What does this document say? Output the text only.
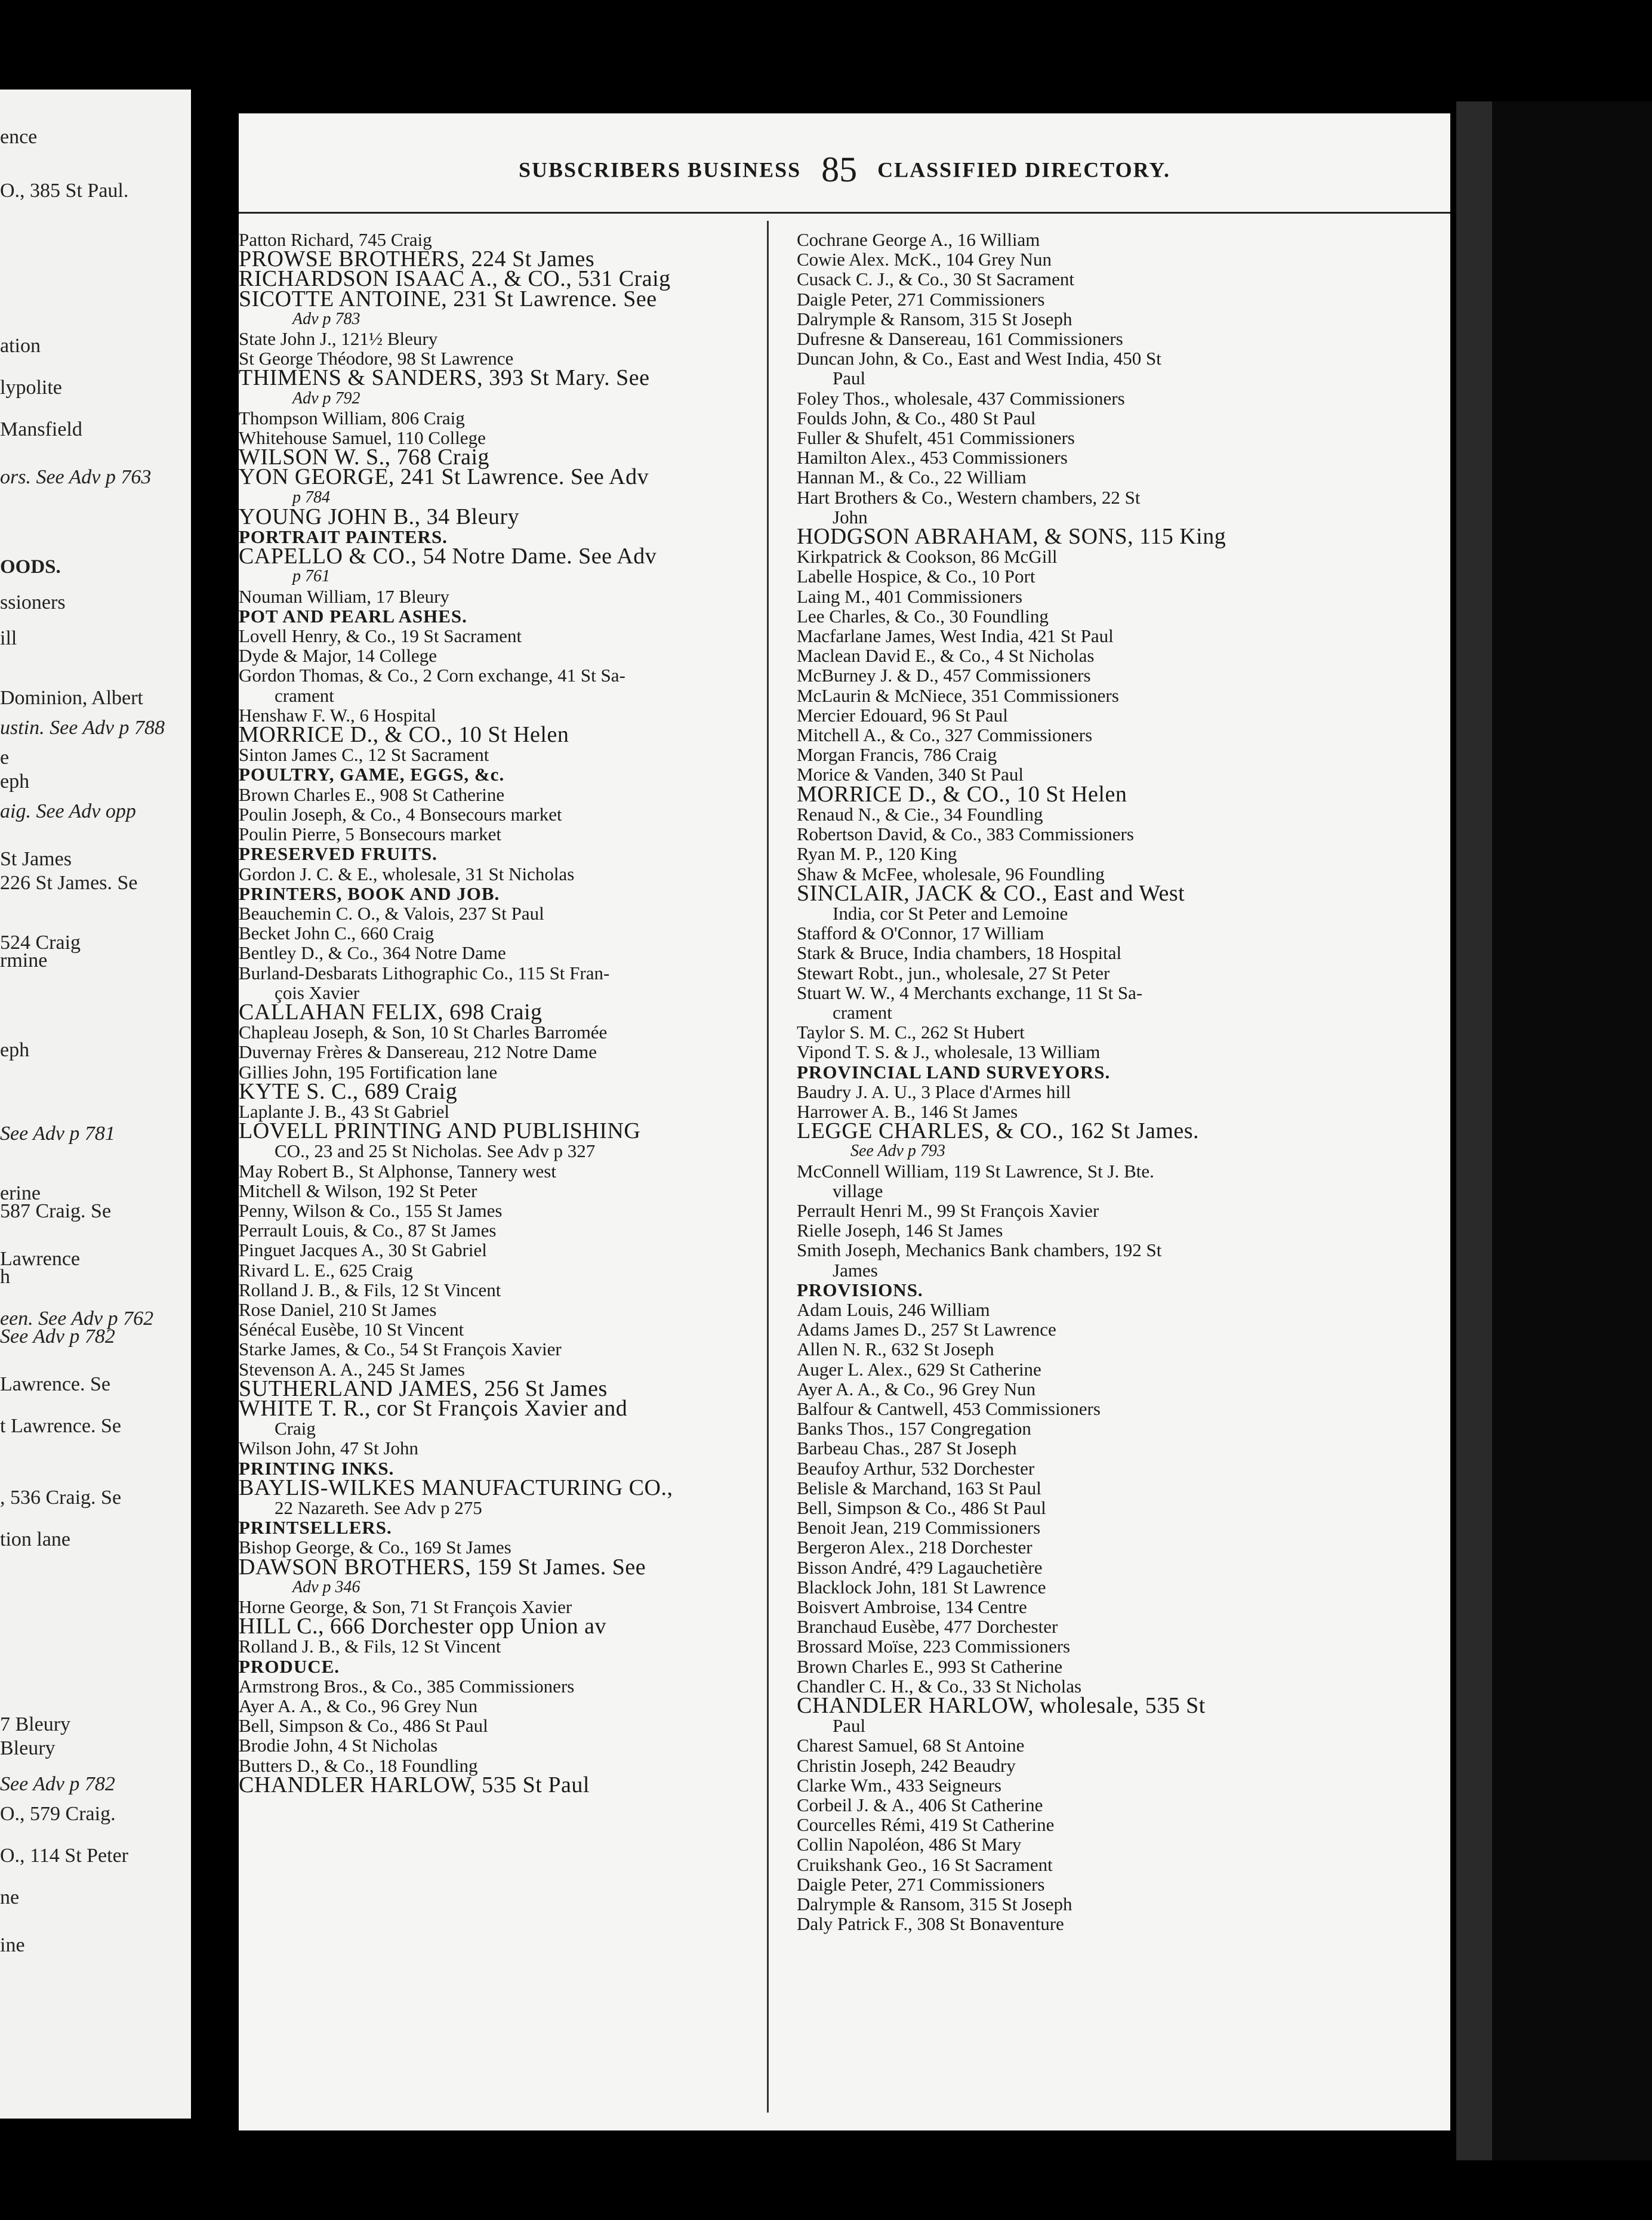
ence
O., 385 St Paul.
ation
lypolite
Mansfield
ors. See Adv p 763
OODS.
ssioners
ill
Dominion, Albert
ustin. See Adv p 788
e
eph
aig. See Adv opp
St James
226 St James. Se
524 Craig
rmine
eph
See Adv p 781
erine
587 Craig. Se
Lawrence
h
een. See Adv p 762
See Adv p 782
Lawrence. Se
t Lawrence. Se
, 536 Craig. Se
tion lane
7 Bleury
Bleury
See Adv p 782
O., 579 Craig.
O., 114 St Peter
ne
ine
SUBSCRIBERS BUSINESS 85 CLASSIFIED DIRECTORY.
Patton Richard, 745 Craig
PROWSE BROTHERS, 224 St James
RICHARDSON ISAAC A., & CO., 531 Craig
SICOTTE ANTOINE, 231 St Lawrence. See
Adv p 783
State John J., 121½ Bleury
St George Théodore, 98 St Lawrence
THIMENS & SANDERS, 393 St Mary. See
Adv p 792
Thompson William, 806 Craig
Whitehouse Samuel, 110 College
WILSON W. S., 768 Craig
YON GEORGE, 241 St Lawrence. See Adv
p 784
YOUNG JOHN B., 34 Bleury
PORTRAIT PAINTERS.
CAPELLO & CO., 54 Notre Dame. See Adv
p 761
Nouman William, 17 Bleury
POT AND PEARL ASHES.
Lovell Henry, & Co., 19 St Sacrament
Dyde & Major, 14 College
Gordon Thomas, & Co., 2 Corn exchange, 41 St Sa-
crament
Henshaw F. W., 6 Hospital
MORRICE D., & CO., 10 St Helen
Sinton James C., 12 St Sacrament
POULTRY, GAME, EGGS, &c.
Brown Charles E., 908 St Catherine
Poulin Joseph, & Co., 4 Bonsecours market
Poulin Pierre, 5 Bonsecours market
PRESERVED FRUITS.
Gordon J. C. & E., wholesale, 31 St Nicholas
PRINTERS, BOOK AND JOB.
Beauchemin C. O., & Valois, 237 St Paul
Becket John C., 660 Craig
Bentley D., & Co., 364 Notre Dame
Burland-Desbarats Lithographic Co., 115 St Fran-
çois Xavier
CALLAHAN FELIX, 698 Craig
Chapleau Joseph, & Son, 10 St Charles Barromée
Duvernay Frères & Dansereau, 212 Notre Dame
Gillies John, 195 Fortification lane
KYTE S. C., 689 Craig
Laplante J. B., 43 St Gabriel
LOVELL PRINTING AND PUBLISHING
CO., 23 and 25 St Nicholas. See Adv p 327
May Robert B., St Alphonse, Tannery west
Mitchell & Wilson, 192 St Peter
Penny, Wilson & Co., 155 St James
Perrault Louis, & Co., 87 St James
Pinguet Jacques A., 30 St Gabriel
Rivard L. E., 625 Craig
Rolland J. B., & Fils, 12 St Vincent
Rose Daniel, 210 St James
Sénécal Eusèbe, 10 St Vincent
Starke James, & Co., 54 St François Xavier
Stevenson A. A., 245 St James
SUTHERLAND JAMES, 256 St James
WHITE T. R., cor St François Xavier and
Craig
Wilson John, 47 St John
PRINTING INKS.
BAYLIS-WILKES MANUFACTURING CO.,
22 Nazareth. See Adv p 275
PRINTSELLERS.
Bishop George, & Co., 169 St James
DAWSON BROTHERS, 159 St James. See
Adv p 346
Horne George, & Son, 71 St François Xavier
HILL C., 666 Dorchester opp Union av
Rolland J. B., & Fils, 12 St Vincent
PRODUCE.
Armstrong Bros., & Co., 385 Commissioners
Ayer A. A., & Co., 96 Grey Nun
Bell, Simpson & Co., 486 St Paul
Brodie John, 4 St Nicholas
Butters D., & Co., 18 Foundling
CHANDLER HARLOW, 535 St Paul
Cochrane George A., 16 William
Cowie Alex. McK., 104 Grey Nun
Cusack C. J., & Co., 30 St Sacrament
Daigle Peter, 271 Commissioners
Dalrymple & Ransom, 315 St Joseph
Dufresne & Dansereau, 161 Commissioners
Duncan John, & Co., East and West India, 450 St
Paul
Foley Thos., wholesale, 437 Commissioners
Foulds John, & Co., 480 St Paul
Fuller & Shufelt, 451 Commissioners
Hamilton Alex., 453 Commissioners
Hannan M., & Co., 22 William
Hart Brothers & Co., Western chambers, 22 St
John
HODGSON ABRAHAM, & SONS, 115 King
Kirkpatrick & Cookson, 86 McGill
Labelle Hospice, & Co., 10 Port
Laing M., 401 Commissioners
Lee Charles, & Co., 30 Foundling
Macfarlane James, West India, 421 St Paul
Maclean David E., & Co., 4 St Nicholas
McBurney J. & D., 457 Commissioners
McLaurin & McNiece, 351 Commissioners
Mercier Edouard, 96 St Paul
Mitchell A., & Co., 327 Commissioners
Morgan Francis, 786 Craig
Morice & Vanden, 340 St Paul
MORRICE D., & CO., 10 St Helen
Renaud N., & Cie., 34 Foundling
Robertson David, & Co., 383 Commissioners
Ryan M. P., 120 King
Shaw & McFee, wholesale, 96 Foundling
SINCLAIR, JACK & CO., East and West
India, cor St Peter and Lemoine
Stafford & O'Connor, 17 William
Stark & Bruce, India chambers, 18 Hospital
Stewart Robt., jun., wholesale, 27 St Peter
Stuart W. W., 4 Merchants exchange, 11 St Sa-
crament
Taylor S. M. C., 262 St Hubert
Vipond T. S. & J., wholesale, 13 William
PROVINCIAL LAND SURVEYORS.
Baudry J. A. U., 3 Place d'Armes hill
Harrower A. B., 146 St James
LEGGE CHARLES, & CO., 162 St James.
See Adv p 793
McConnell William, 119 St Lawrence, St J. Bte.
village
Perrault Henri M., 99 St François Xavier
Rielle Joseph, 146 St James
Smith Joseph, Mechanics Bank chambers, 192 St
James
PROVISIONS.
Adam Louis, 246 William
Adams James D., 257 St Lawrence
Allen N. R., 632 St Joseph
Auger L. Alex., 629 St Catherine
Ayer A. A., & Co., 96 Grey Nun
Balfour & Cantwell, 453 Commissioners
Banks Thos., 157 Congregation
Barbeau Chas., 287 St Joseph
Beaufoy Arthur, 532 Dorchester
Belisle & Marchand, 163 St Paul
Bell, Simpson & Co., 486 St Paul
Benoit Jean, 219 Commissioners
Bergeron Alex., 218 Dorchester
Bisson André, 4?9 Lagauchetière
Blacklock John, 181 St Lawrence
Boisvert Ambroise, 134 Centre
Branchaud Eusèbe, 477 Dorchester
Brossard Moïse, 223 Commissioners
Brown Charles E., 993 St Catherine
Chandler C. H., & Co., 33 St Nicholas
CHANDLER HARLOW, wholesale, 535 St
Paul
Charest Samuel, 68 St Antoine
Christin Joseph, 242 Beaudry
Clarke Wm., 433 Seigneurs
Corbeil J. & A., 406 St Catherine
Courcelles Rémi, 419 St Catherine
Collin Napoléon, 486 St Mary
Cruikshank Geo., 16 St Sacrament
Daigle Peter, 271 Commissioners
Dalrymple & Ransom, 315 St Joseph
Daly Patrick F., 308 St Bonaventure
